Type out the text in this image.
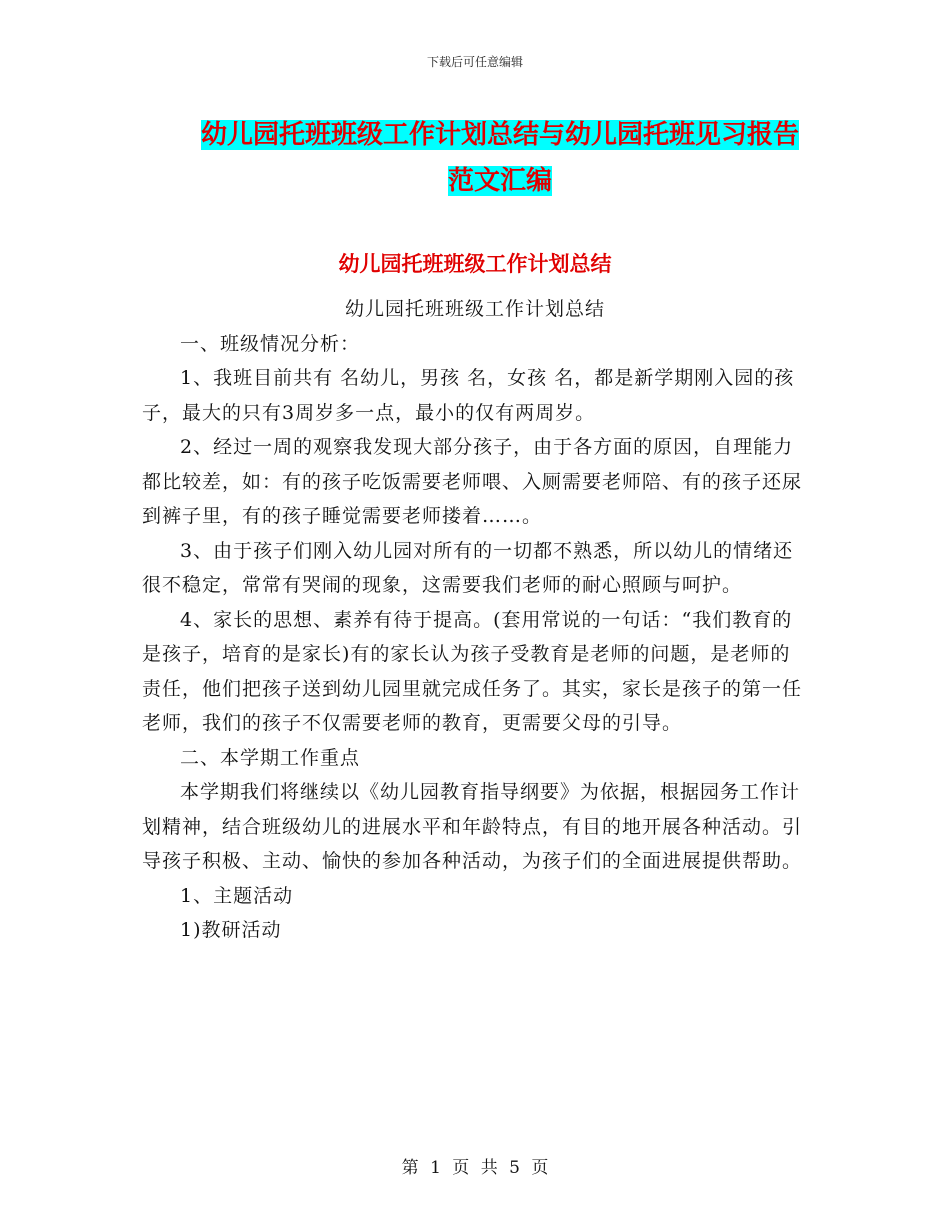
下载后可任意编辑
幼儿园托班班级工作计划总结与幼儿园托班见习报告
范文汇编
幼儿园托班班级工作计划总结

幼儿园托班班级工作计划总结

一、班级情况分析：

1、我班目前共有 名幼儿，男孩 名，女孩 名，都是新学期刚入园的孩子，最大的只有3周岁多一点，最小的仅有两周岁。

2、经过一周的观察我发现大部分孩子，由于各方面的原因，自理能力都比较差，如：有的孩子吃饭需要老师喂、入厕需要老师陪、有的孩子还尿到裤子里，有的孩子睡觉需要老师搂着……。

3、由于孩子们刚入幼儿园对所有的一切都不熟悉，所以幼儿的情绪还很不稳定，常常有哭闹的现象，这需要我们老师的耐心照顾与呵护。

4、家长的思想、素养有待于提高。(套用常说的一句话：“我们教育的是孩子，培育的是家长)有的家长认为孩子受教育是老师的问题，是老师的责任，他们把孩子送到幼儿园里就完成任务了。其实，家长是孩子的第一任老师，我们的孩子不仅需要老师的教育，更需要父母的引导。

二、本学期工作重点

本学期我们将继续以《幼儿园教育指导纲要》为依据，根据园务工作计划精神，结合班级幼儿的进展水平和年龄特点，有目的地开展各种活动。引导孩子积极、主动、愉快的参加各种活动，为孩子们的全面进展提供帮助。

1、主题活动

1)教研活动

第 1 页 共 5 页
